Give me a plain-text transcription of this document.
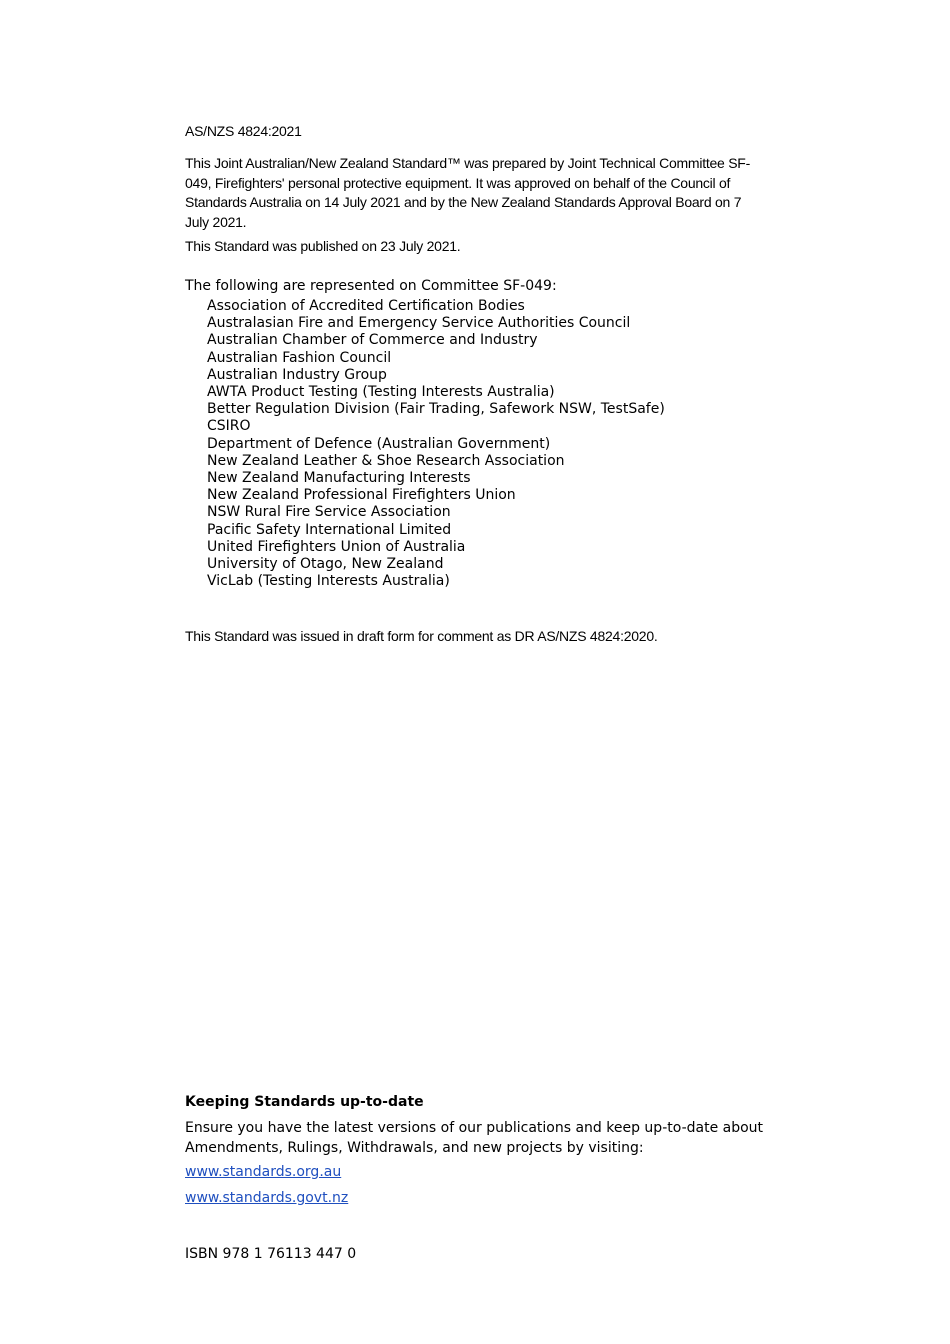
AS/NZS 4824:2021

This Joint Australian/New Zealand Standard™ was prepared by Joint Technical Committee SF-049, Firefighters' personal protective equipment. It was approved on behalf of the Council of Standards Australia on 14 July 2021 and by the New Zealand Standards Approval Board on 7 July 2021.

This Standard was published on 23 July 2021.

The following are represented on Committee SF-049:

Association of Accredited Certification Bodies
Australasian Fire and Emergency Service Authorities Council
Australian Chamber of Commerce and Industry
Australian Fashion Council
Australian Industry Group
AWTA Product Testing (Testing Interests Australia)
Better Regulation Division (Fair Trading, Safework NSW, TestSafe)
CSIRO
Department of Defence (Australian Government)
New Zealand Leather & Shoe Research Association
New Zealand Manufacturing Interests
New Zealand Professional Firefighters Union
NSW Rural Fire Service Association
Pacific Safety International Limited
United Firefighters Union of Australia
University of Otago, New Zealand
VicLab (Testing Interests Australia)

This Standard was issued in draft form for comment as DR AS/NZS 4824:2020.

Keeping Standards up-to-date

Ensure you have the latest versions of our publications and keep up-to-date about Amendments, Rulings, Withdrawals, and new projects by visiting:

www.standards.org.au
www.standards.govt.nz

ISBN 978 1 76113 447 0
